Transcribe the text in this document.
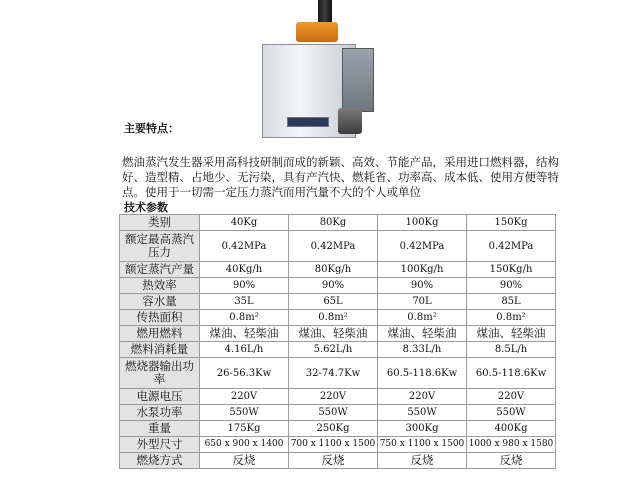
主要特点：
燃油蒸汽发生器采用高科技研制而成的新颖、高效、节能产品，采用进口燃料器，结构好、造型精、占地少、无污染，具有产汽快、燃耗省、功率高、成本低、使用方便等特点。使用于一切需一定压力蒸汽而用汽量不大的个人或单位
技术参数
类别	40Kg	80Kg	100Kg	150Kg
额定最高蒸汽压力	0.42MPa	0.42MPa	0.42MPa	0.42MPa
额定蒸汽产量	40Kg/h	80Kg/h	100Kg/h	150Kg/h
热效率	90%	90%	90%	90%
容水量	35L	65L	70L	85L
传热面积	0.8m²	0.8m²	0.8m²	0.8m²
燃用燃料	煤油、轻柴油	煤油、轻柴油	煤油、轻柴油	煤油、轻柴油
燃料消耗量	4.16L/h	5.62L/h	8.33L/h	8.5L/h
燃烧器输出功率	26-56.3Kw	32-74.7Kw	60.5-118.6Kw	60.5-118.6Kw
电源电压	220V	220V	220V	220V
水泵功率	550W	550W	550W	550W
重量	175Kg	250Kg	300Kg	400Kg
外型尺寸	650 x 900 x 1400	700 x 1100 x 1500	750 x 1100 x 1500	1000 x 980 x 1580
燃烧方式	反烧	反烧	反烧	反烧
